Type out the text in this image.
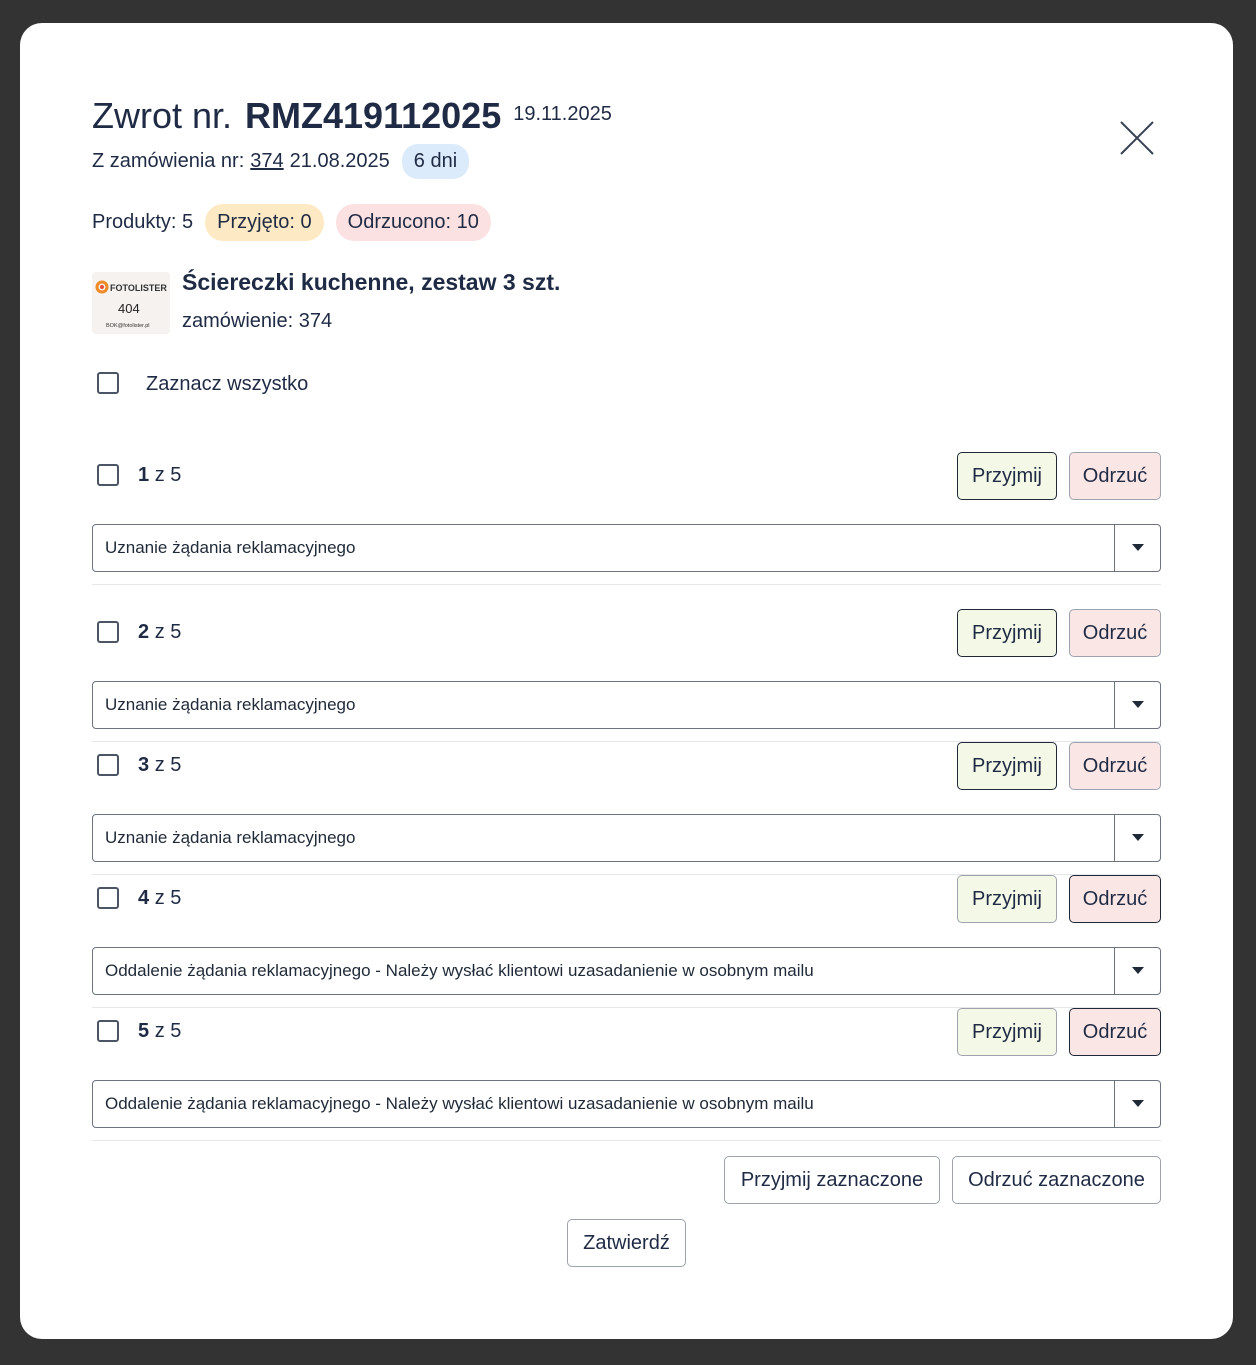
Zwrot nr. RMZ419112025 19.11.2025
Z zamówienia nr: 374 21.08.2025	6 dni
Produkty: 5	Przyjęto: 0	Odrzucono: 10
FOTOLISTER
404
BOK@fotolister.pl
Ściereczki kuchenne, zestaw 3 szt.
zamówienie: 374
Zaznacz wszystko
1 z 5	Przyjmij	Odrzuć
Uznanie żądania reklamacyjnego
2 z 5	Przyjmij	Odrzuć
Uznanie żądania reklamacyjnego
3 z 5	Przyjmij	Odrzuć
Uznanie żądania reklamacyjnego
4 z 5	Przyjmij	Odrzuć
Oddalenie żądania reklamacyjnego - Należy wysłać klientowi uzasadanienie w osobnym mailu
5 z 5	Przyjmij	Odrzuć
Oddalenie żądania reklamacyjnego - Należy wysłać klientowi uzasadanienie w osobnym mailu
Przyjmij zaznaczone	Odrzuć zaznaczone
Zatwierdź
